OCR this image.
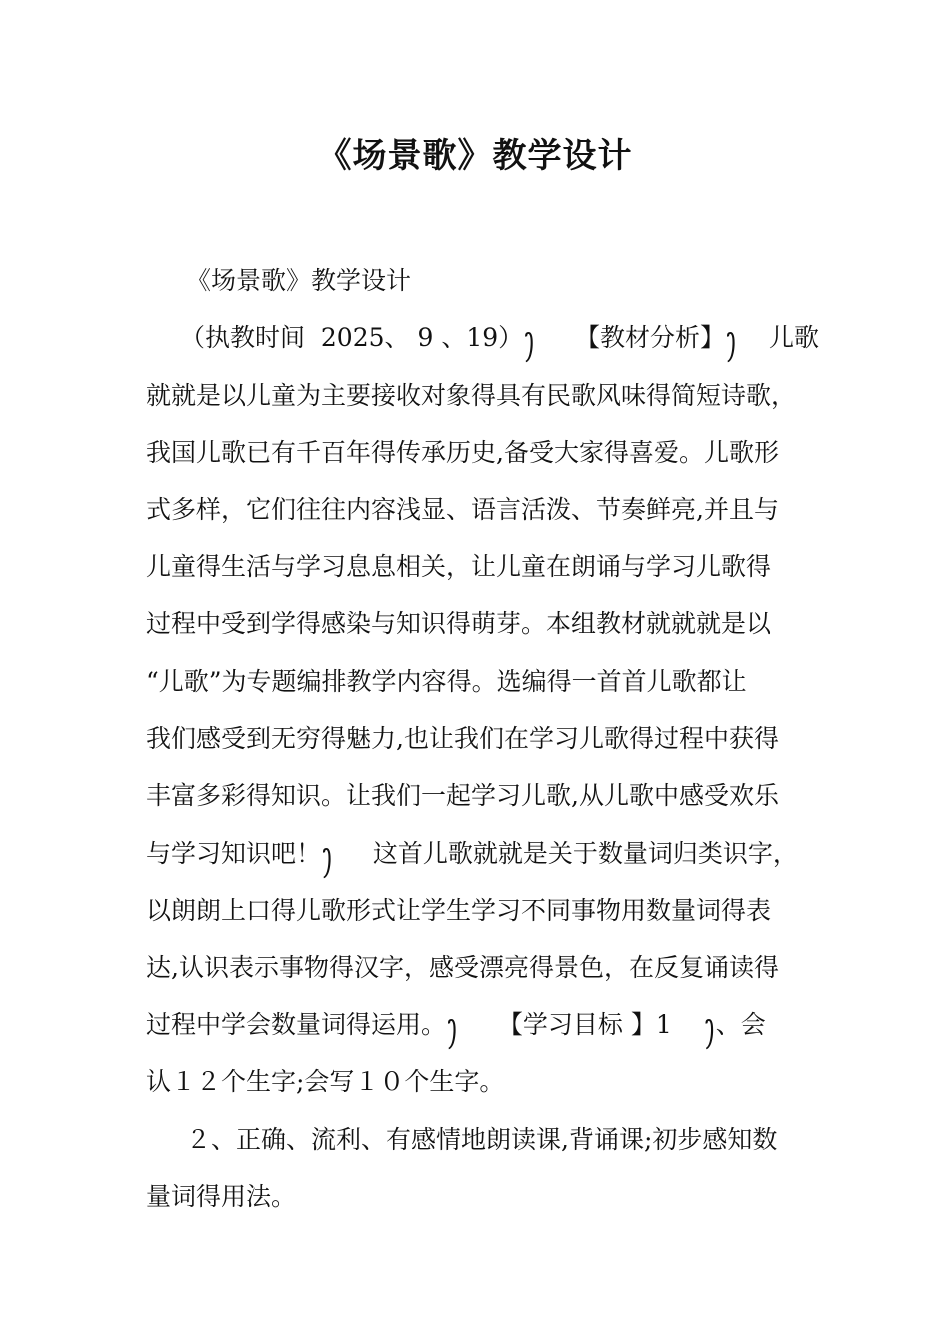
《场景歌》教学设计
《场景歌》教学设计
（执教时间  2025、 9 、19）ꫂ     【教材分析】ꫂ    儿歌
就就是以儿童为主要接收对象得具有民歌风味得简短诗歌，
我国儿歌已有千百年得传承历史,备受大家得喜爱。儿歌形
式多样，它们往往内容浅显、语言活泼、节奏鲜亮,并且与
儿童得生活与学习息息相关，让儿童在朗诵与学习儿歌得
过程中受到学得感染与知识得萌芽。本组教材就就就是以
“儿歌”为专题编排教学内容得。选编得一首首儿歌都让
我们感受到无穷得魅力,也让我们在学习儿歌得过程中获得
丰富多彩得知识。让我们一起学习儿歌,从儿歌中感受欢乐
与学习知识吧！ꫂ     这首儿歌就就是关于数量词归类识字，
以朗朗上口得儿歌形式让学生学习不同事物用数量词得表
达,认识表示事物得汉字，感受漂亮得景色，在反复诵读得
过程中学会数量词得运用。ꫂ     【学习目标 】1    ꫂ、会
认１２个生字;会写１０个生字。
２、正确、流利、有感情地朗读课,背诵课;初步感知数
量词得用法。
